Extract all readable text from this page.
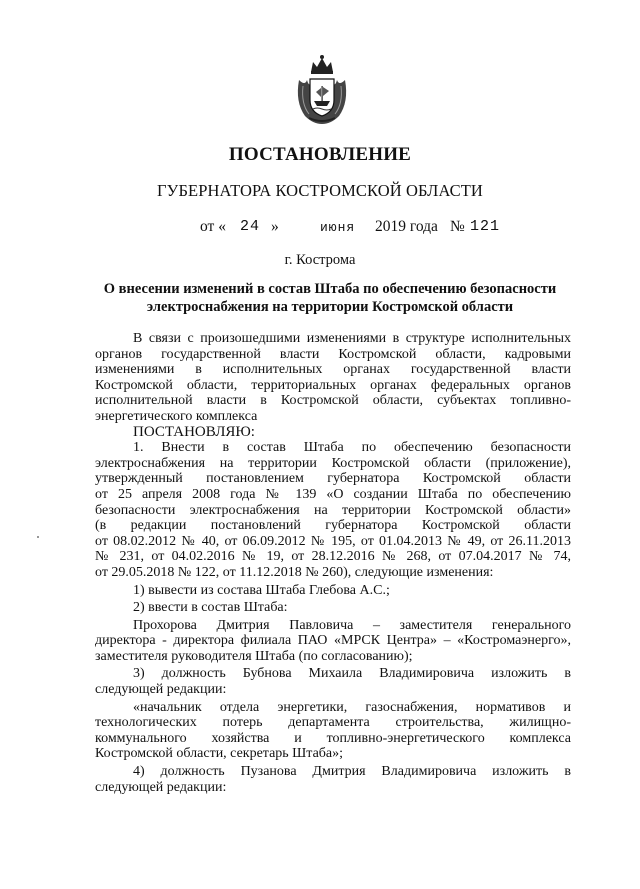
ПОСТАНОВЛЕНИЕ
ГУБЕРНАТОРА КОСТРОМСКОЙ ОБЛАСТИ
от « 24 »	июня 2019 года № 121
г. Кострома
О внесении изменений в состав Штаба по обеспечению безопасности
электроснабжения на территории Костромской области

В связи с произошедшими изменениями в структуре исполнительных

органов государственной власти Костромской области, кадровыми

изменениями в исполнительных органах государственной власти

Костромской области, территориальных органах федеральных органов

исполнительной власти в Костромской области, субъектах топливно-

энергетического комплекса

ПОСТАНОВЛЯЮ:

1. Внести в состав Штаба по обеспечению безопасности

электроснабжения на территории Костромской области (приложение),

утвержденный постановлением губернатора Костромской области

от 25 апреля 2008 года № 139 «О создании Штаба по обеспечению

безопасности электроснабжения на территории Костромской области»

(в редакции постановлений губернатора Костромской области

от 08.02.2012 № 40, от 06.09.2012 № 195, от 01.04.2013 № 49, от 26.11.2013

№ 231, от 04.02.2016 № 19, от 28.12.2016 № 268, от 07.04.2017 № 74,

от 29.05.2018 № 122, от 11.12.2018 № 260), следующие изменения:

1) вывести из состава Штаба Глебова А.С.;

2) ввести в состав Штаба:

Прохорова Дмитрия Павловича – заместителя генерального

директора - директора филиала ПАО «МРСК Центра» – «Костромаэнерго»,

заместителя руководителя Штаба (по согласованию);

3) должность Бубнова Михаила Владимировича изложить в

следующей редакции:

«начальник отдела энергетики, газоснабжения, нормативов и

технологических потерь департамента строительства, жилищно-

коммунального хозяйства и топливно-энергетического комплекса

Костромской области, секретарь Штаба»;

4) должность Пузанова Дмитрия Владимировича изложить в

следующей редакции:
